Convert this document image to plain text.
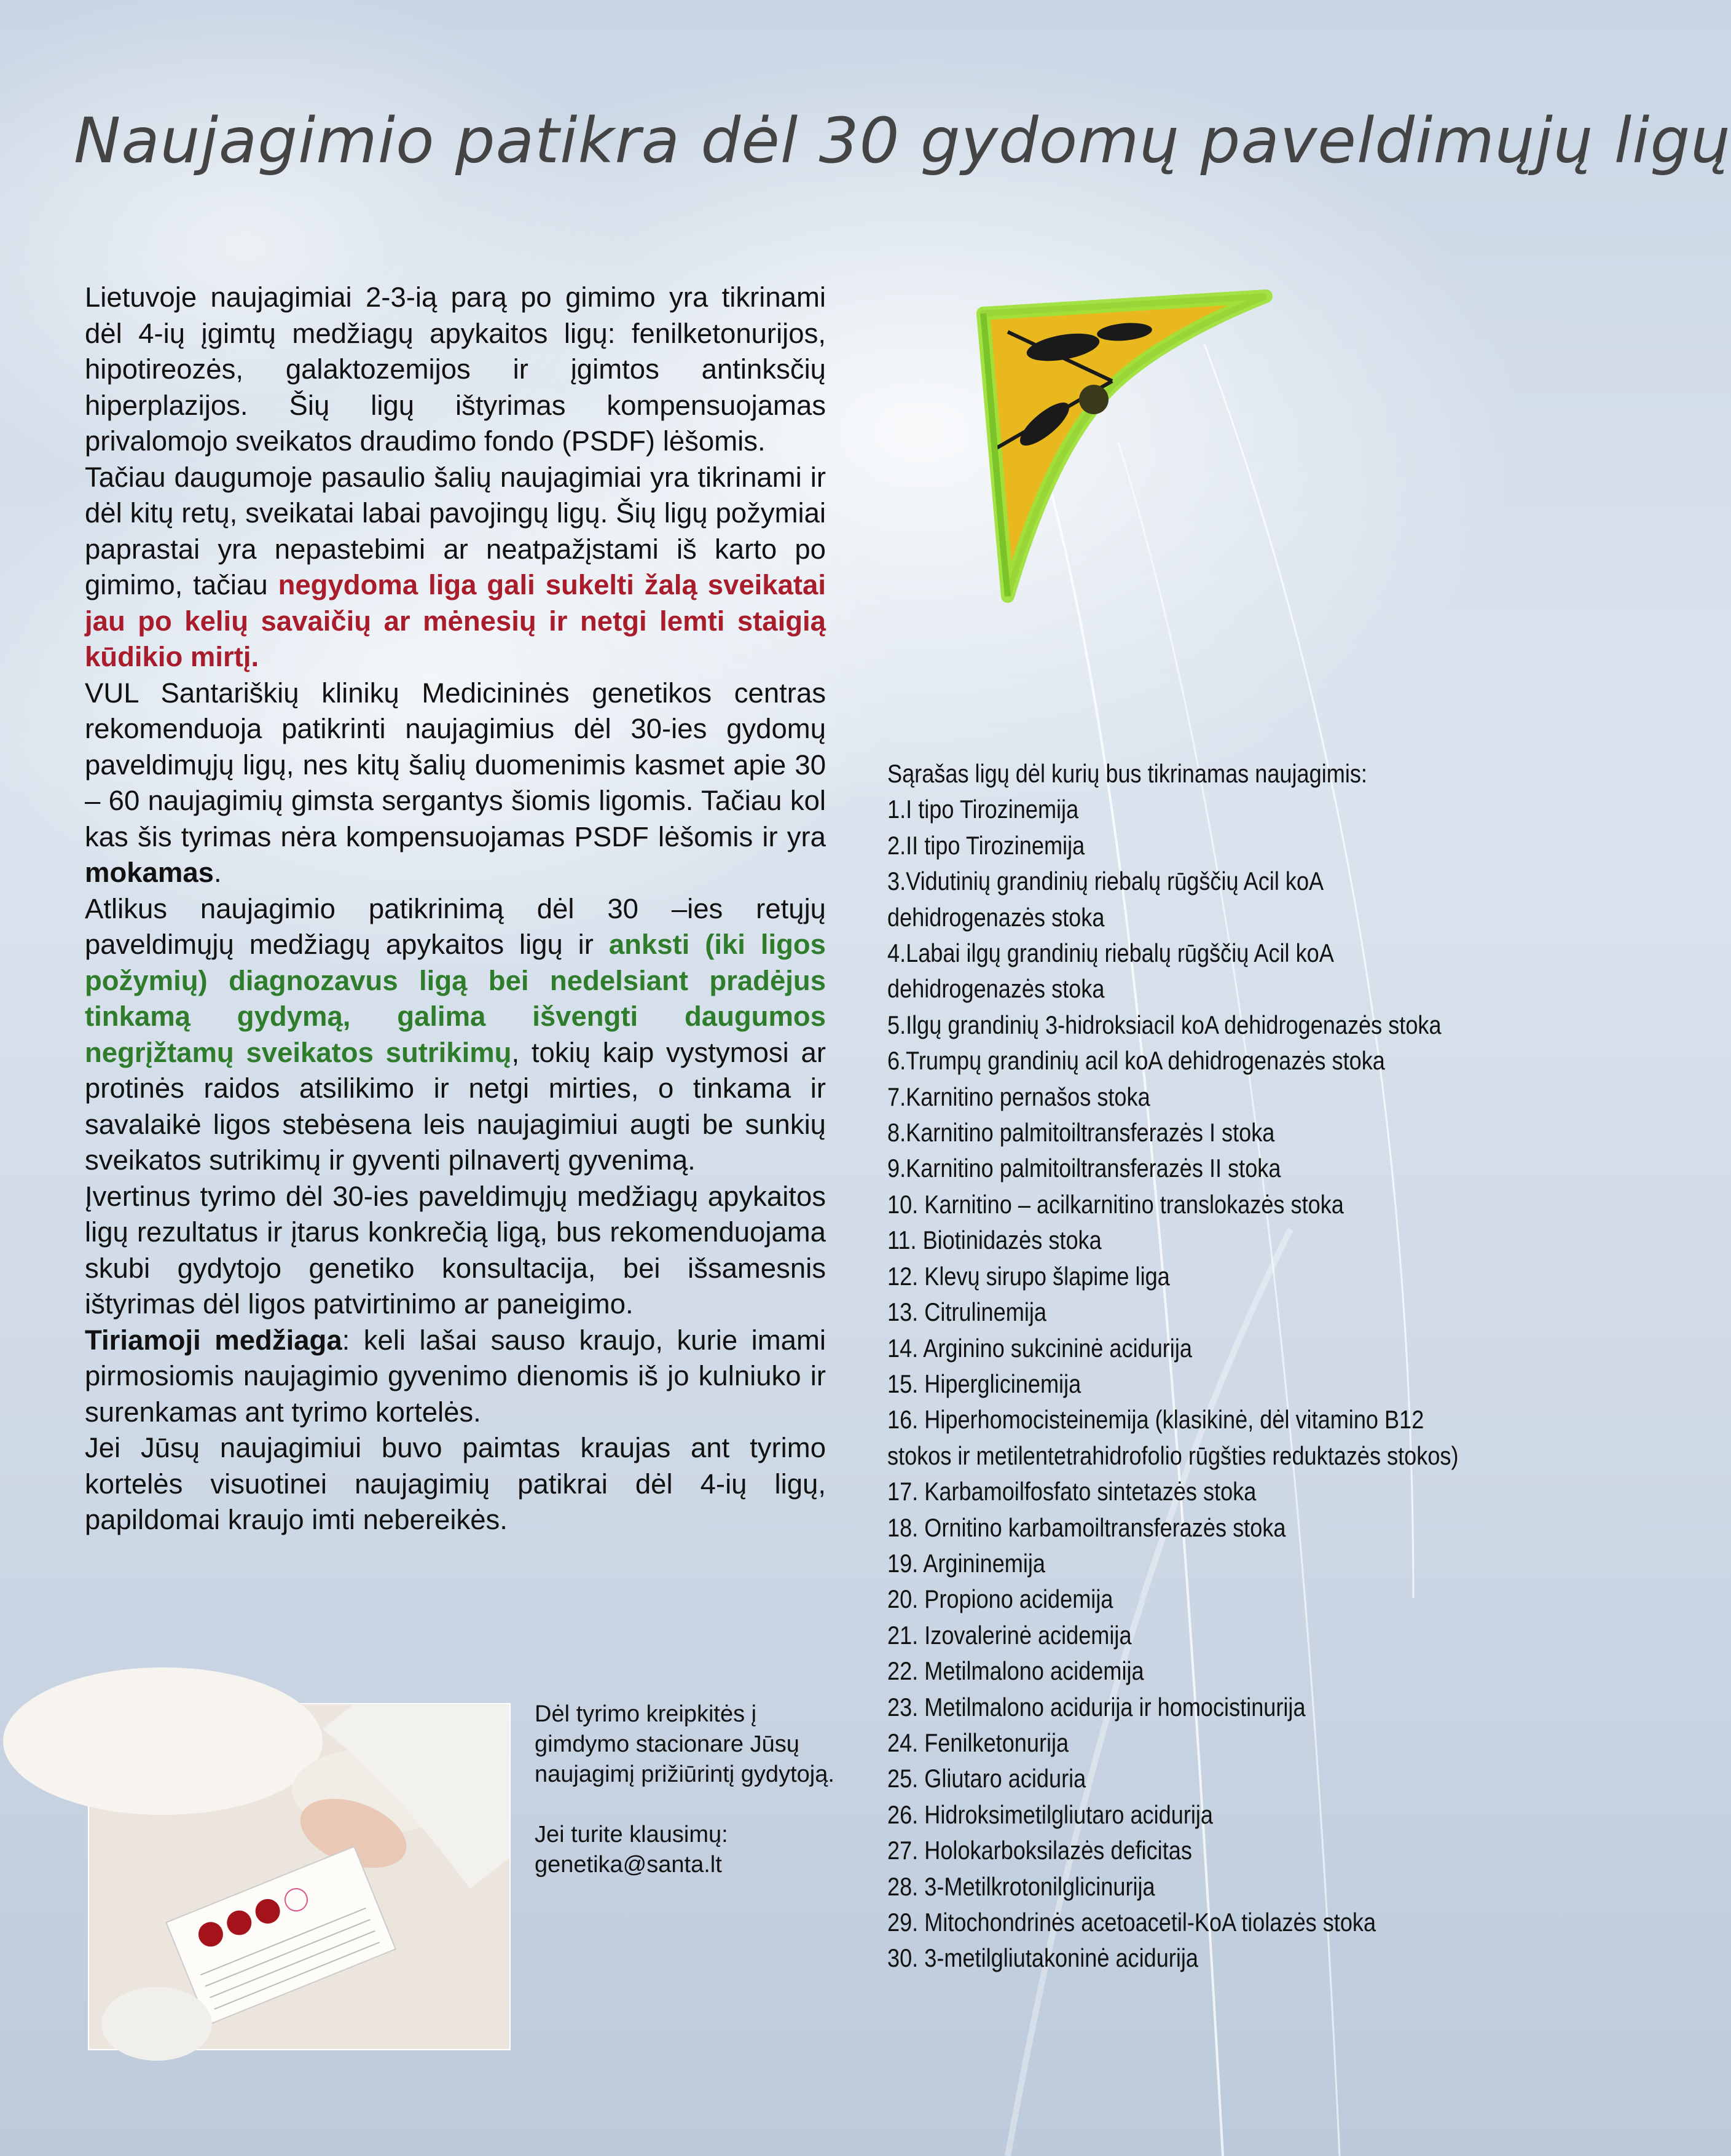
Naujagimio patikra dėl 30 gydomų paveldimųjų ligų

Lietuvoje naujagimiai 2-3-ią parą po gimimo yra tikrinami dėl 4-ių įgimtų medžiagų apykaitos ligų: fenilketonurijos, hipotireozės, galaktozemijos ir įgimtos antinksčių hiperplazijos. Šių ligų ištyrimas kompensuojamas privalomojo sveikatos draudimo fondo (PSDF) lėšomis.

Tačiau daugumoje pasaulio šalių naujagimiai yra tikrinami ir dėl kitų retų, sveikatai labai pavojingų ligų. Šių ligų požymiai paprastai yra nepastebimi ar neatpažįstami iš karto po gimimo, tačiau negydoma liga gali sukelti žalą sveikatai jau po kelių savaičių ar mėnesių ir netgi lemti staigią kūdikio mirtį.

VUL Santariškių klinikų Medicininės genetikos centras rekomenduoja patikrinti naujagimius dėl 30-ies gydomų paveldimųjų ligų, nes kitų šalių duomenimis kasmet apie 30 – 60 naujagimių gimsta sergantys šiomis ligomis. Tačiau kol kas šis tyrimas nėra kompensuojamas PSDF lėšomis ir yra mokamas.

Atlikus naujagimio patikrinimą dėl 30 –ies retųjų paveldimųjų medžiagų apykaitos ligų ir anksti (iki ligos požymių) diagnozavus ligą bei nedelsiant pradėjus tinkamą gydymą, galima išvengti daugumos negrįžtamų sveikatos sutrikimų, tokių kaip vystymosi ar protinės raidos atsilikimo ir netgi mirties, o tinkama ir savalaikė ligos stebėsena leis naujagimiui augti be sunkių sveikatos sutrikimų ir gyventi pilnavertį gyvenimą.

Įvertinus tyrimo dėl 30-ies paveldimųjų medžiagų apykaitos ligų rezultatus ir įtarus konkrečią ligą, bus rekomenduojama skubi gydytojo genetiko konsultacija, bei išsamesnis ištyrimas dėl ligos patvirtinimo ar paneigimo.

Tiriamoji medžiaga: keli lašai sauso kraujo, kurie imami pirmosiomis naujagimio gyvenimo dienomis iš jo kulniuko ir surenkamas ant tyrimo kortelės.

Jei Jūsų naujagimiui buvo paimtas kraujas ant tyrimo kortelės visuotinei naujagimių patikrai dėl 4-ių ligų, papildomai kraujo imti nebereikės.

Dėl tyrimo kreipkitės į gimdymo stacionare Jūsų naujagimį prižiūrintį gydytoją.

Jei turite klausimų:
genetika@santa.lt

Sąrašas ligų dėl kurių bus tikrinamas naujagimis:

1.I tipo Tirozinemija
2.II tipo Tirozinemija
3.Vidutinių grandinių riebalų rūgščių Acil koA dehidrogenazės stoka
4.Labai ilgų grandinių riebalų rūgščių Acil koA dehidrogenazės stoka
5.Ilgų grandinių 3-hidroksiacil koA dehidrogenazės stoka
6.Trumpų grandinių acil koA dehidrogenazės stoka
7.Karnitino pernašos stoka
8.Karnitino palmitoiltransferazės I stoka
9.Karnitino palmitoiltransferazės II stoka
10. Karnitino – acilkarnitino translokazės stoka
11. Biotinidazės stoka
12. Klevų sirupo šlapime liga
13. Citrulinemija
14. Arginino sukcininė acidurija
15. Hiperglicinemija
16. Hiperhomocisteinemija (klasikinė, dėl vitamino B12 stokos ir metilentetrahidrofolio rūgšties reduktazės stokos)
17. Karbamoilfosfato sintetazės stoka
18. Ornitino karbamoiltransferazės stoka
19. Argininemija
20. Propiono acidemija
21. Izovalerinė acidemija
22. Metilmalono acidemija
23. Metilmalono acidurija ir homocistinurija
24. Fenilketonurija
25. Gliutaro aciduria
26. Hidroksimetilgliutaro acidurija
27. Holokarboksilazės deficitas
28. 3-Metilkrotonilglicinurija
29. Mitochondrinės acetoacetil-KoA tiolazės stoka
30. 3-metilgliutakoninė acidurija
